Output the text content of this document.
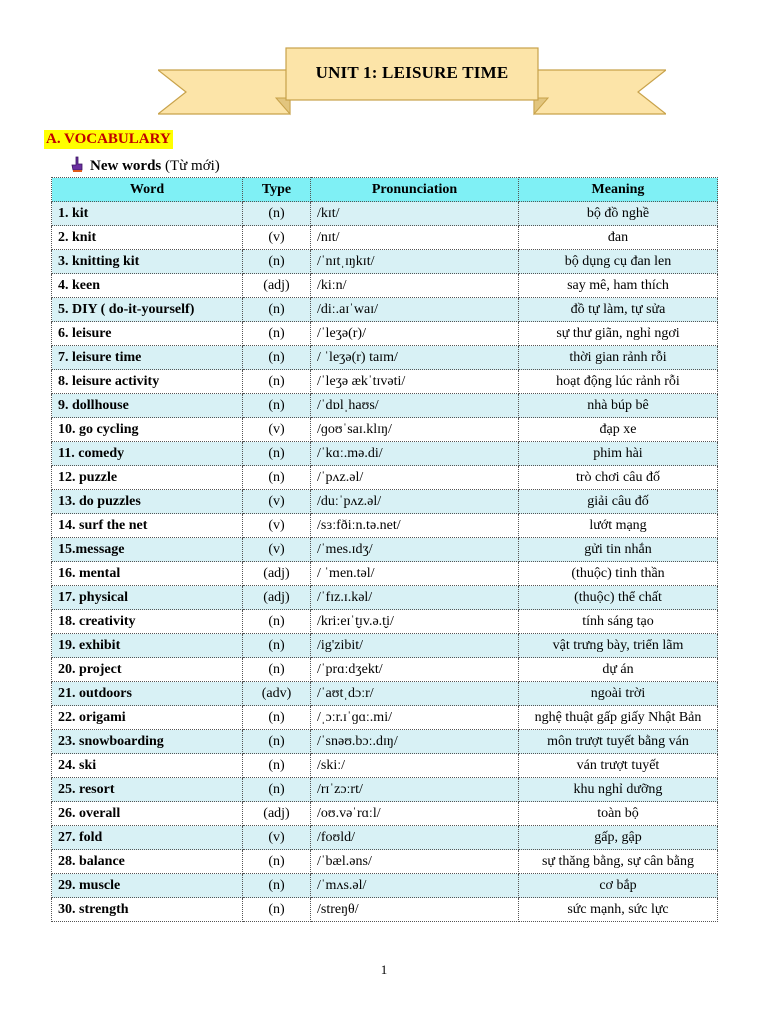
UNIT 1: LEISURE TIME
A. VOCABULARY
New words (Từ mới)
Word	Type	Pronunciation	Meaning
1. kit	(n)	/kɪt/	bộ đồ nghề
2. knit	(v)	/nɪt/	đan
3. knitting kit	(n)	/ˈnɪtˌɪŋkɪt/	bộ dụng cụ đan len
4. keen	(adj)	/kiːn/	say mê, ham thích
5. DIY ( do-it-yourself)	(n)	/diː.aɪˈwaɪ/	đồ tự làm, tự sửa
6. leisure	(n)	/ˈleʒə(r)/	sự thư giãn, nghỉ ngơi
7. leisure time	(n)	/ ˈleʒə(r) taɪm/	thời gian rảnh rỗi
8. leisure activity	(n)	/ˈleʒə ækˈtɪvəti/	hoạt động lúc rảnh rỗi
9. dollhouse	(n)	/ˈdɒlˌhaʊs/	nhà búp bê
10. go cycling	(v)	/ɡoʊˈsaɪ.klɪŋ/	đạp xe
11. comedy	(n)	/ˈkɑː.mə.di/	phim hài
12. puzzle	(n)	/ˈpʌz.əl/	trò chơi câu đố
13. do puzzles	(v)	/duːˈpʌz.əl/	giải câu đố
14. surf the net	(v)	/sɜːfðiːn.tə.net/	lướt mạng
15.message	(v)	/ˈmes.ɪdʒ/	gửi tin nhắn
16. mental	(adj)	/ ˈmen.təl/	(thuộc) tinh thần
17. physical	(adj)	/ˈfɪz.ɪ.kəl/	(thuộc) thể chất
18. creativity	(n)	/kri:eɪˈt̬ɪv.ə.t̬i/	tính sáng tạo
19. exhibit	(n)	/ig'zibit/	vật trưng bày, triển lãm
20. project	(n)	/ˈprɑːdʒekt/	dự án
21. outdoors	(adv)	/ˈaʊtˌdɔːr/	ngoài trời
22. origami	(n)	/ˌɔːr.ɪˈɡɑː.mi/	nghệ thuật gấp giấy Nhật Bản
23. snowboarding	(n)	/ˈsnəʊ.bɔː.dɪŋ/	môn trượt tuyết bằng ván
24. ski	(n)	/skiː/	ván trượt tuyết
25. resort	(n)	/rɪˈzɔːrt/	khu nghỉ dưỡng
26. overall	(adj)	/oʊ.vəˈrɑːl/	toàn bộ
27. fold	(v)	/foʊld/	gấp, gập
28. balance	(n)	/ˈbæl.əns/	sự thăng bằng, sự cân bằng
29. muscle	(n)	/ˈmʌs.əl/	cơ bắp
30. strength	(n)	/streŋθ/	sức mạnh, sức lực
1
